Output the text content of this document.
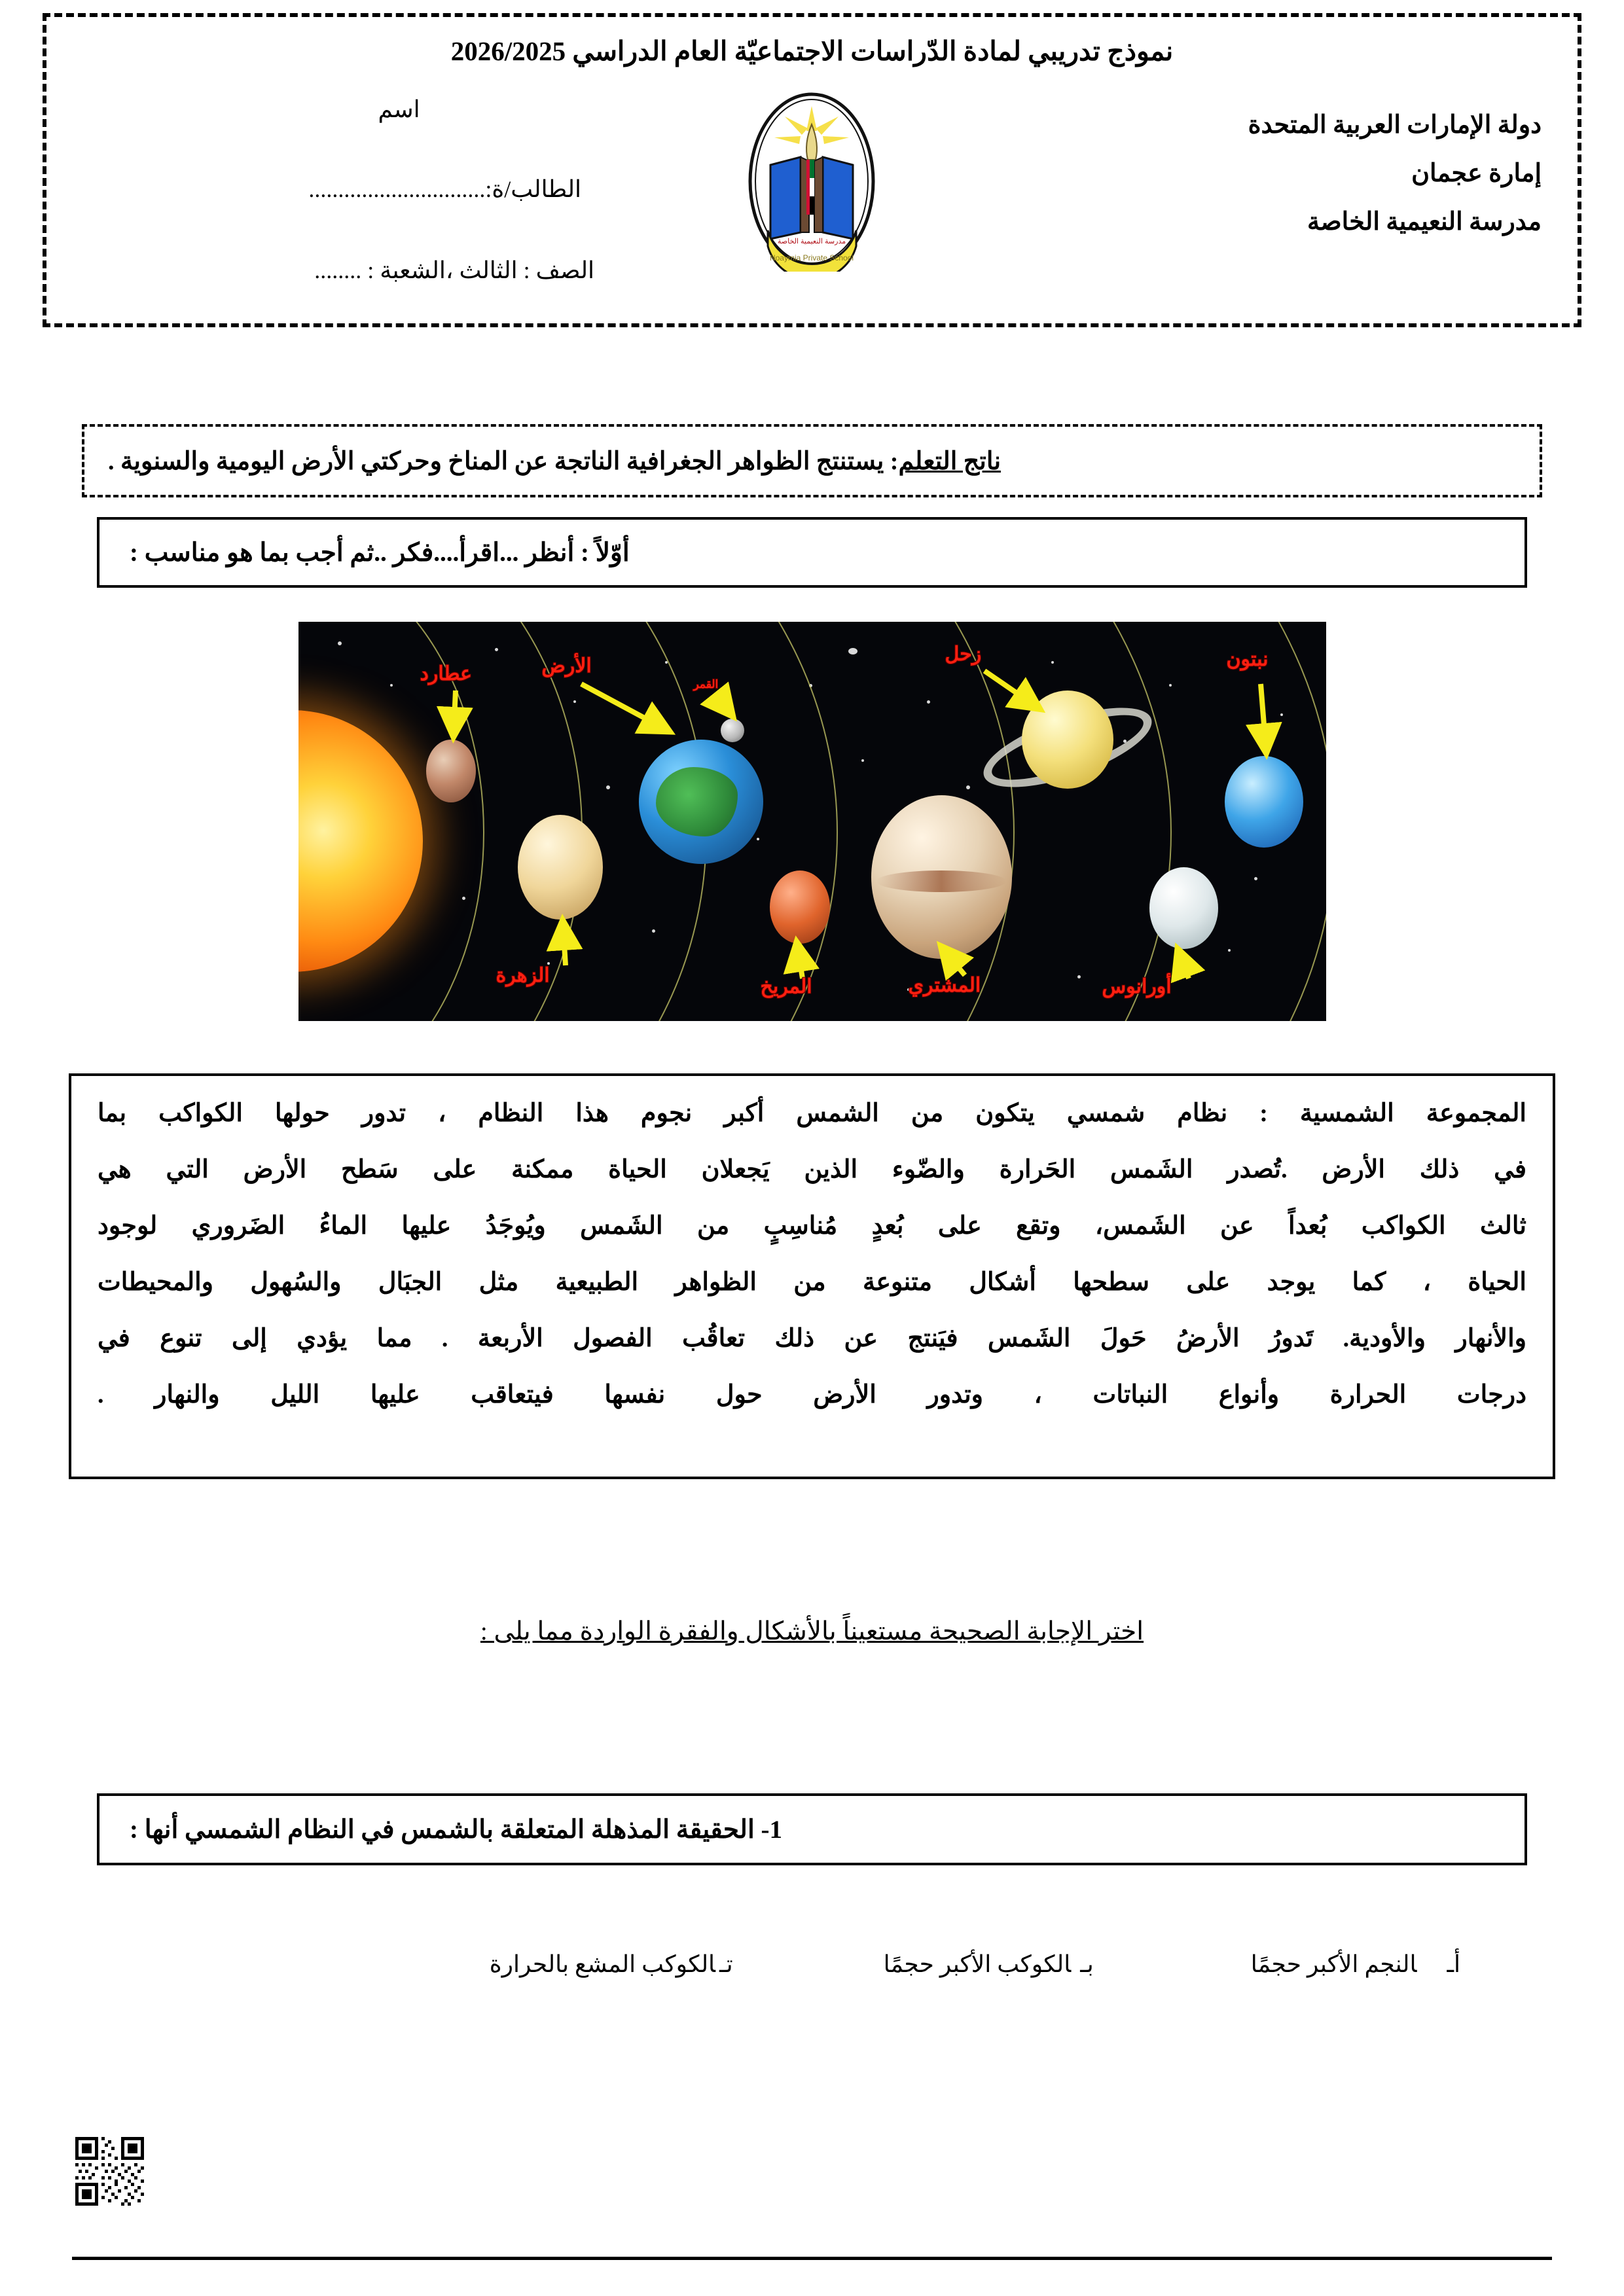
نموذج تدريبي لمادة الدّراسات الاجتماعيّة العام الدراسي 2026/2025
دولة الإمارات العربية المتحدة
إمارة عجمان
مدرسة النعيمية الخاصة
مدرسة النعيمية الخاصة
Noaymia Private School
اسم
الطالب/ة:..............................
الصف : الثالث ،الشعبة : ........
ناتج التعلم: يستنتج الظواهر الجغرافية الناتجة عن المناخ وحركتي الأرض اليومية والسنوية .
أوّلاً : أنظر ...اقرأ....فكر ..ثم أجب بما هو مناسب :
عطارد	الأرض
القمر
زحل	نبتون
الزهرة
المريخ	المشتري	أورانوس
المجموعة الشمسية : نظام شمسي يتكون من الشمس أكبر نجوم هذا النظام ، تدور حولها الكواكب بما
في ذلك الأرض .تُصدر الشَمس الحَرارة والضّوء الذين يَجعلان الحياة ممكنة على سَطح الأرض التي هي
ثالث الكواكب بُعداً عن الشَمس، وتقع على بُعدٍ مُناسِبٍ من الشَمس ويُوجَدُ عليها الماءُ الضَروري لوجود
الحياة ، كما يوجد على سطحها أشكال متنوعة من الظواهر الطبيعية مثل الجبَال والسُهول والمحيطات
والأنهار والأودية. تَدورُ الأرضُ حَولَ الشَمس فيَنتج عن ذلك تعاقُب الفصول الأربعة . مما يؤدي إلى تنوع في
درجات الحرارة وأنواع النباتات ، وتدور الأرض حول نفسها فيتعاقب عليها الليل والنهار .
اختر الإجابة الصحيحة مستعيناً بالأشكال والفقرة الواردة مما يلى :
1- الحقيقة المذهلة المتعلقة بالشمس في النظام الشمسي أنها :
أـالنجم الأكبر حجمًا
بـالكوكب الأكبر حجمًا
تـالكوكب المشع بالحرارة
